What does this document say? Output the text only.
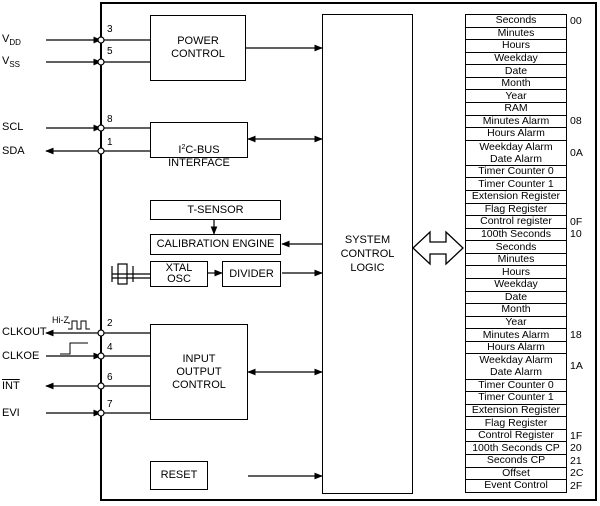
$V_{DD}$
$V_{SS}$
SCL
SDA
CLKOUT
CLKOE
$\overline{INT}$
EVI
Hi-Z
3
5
8
1
2
4
6
7
POWER
CONTROL

$I^2C$-BUS
INTERFACE

T-SENSOR
CALIBRATION ENGINE
XTAL
OSC	DIVIDER
INPUT
OUTPUT
CONTROL
RESET
SYSTEM
CONTROL
LOGIC
Seconds	00
Minutes
Hours
Weekday
Date
Month
Year
RAM
Minutes Alarm	08
Hours Alarm
Weekday Alarm
Date Alarm	0A
Timer Counter 0
Timer Counter 1
Extension Register
Flag Register
Control register	0F
100th Seconds	10
Seconds
Minutes
Hours
Weekday
Date
Month
Year
Minutes Alarm	18
Hours Alarm
Weekday Alarm
Date Alarm	1A
Timer Counter 0
Timer Counter 1
Extension Register
Flag Register
Control Register	1F
100th Seconds CP 20
Seconds CP	21
Offset	2C
Event Control	2F
